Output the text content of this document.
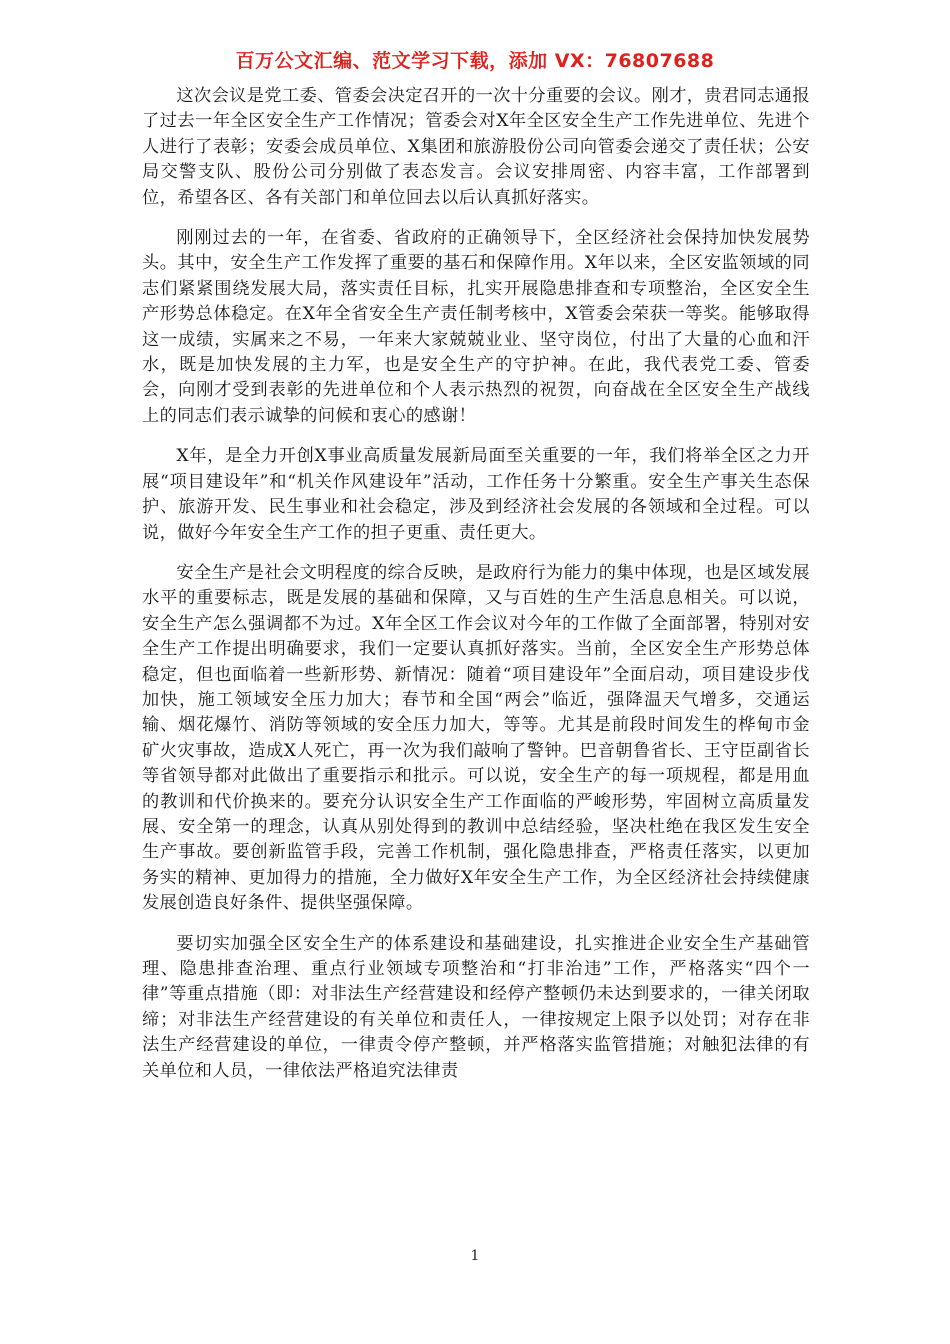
百万公文汇编、范文学习下载，添加 VX：76807688

这次会议是党工委、管委会决定召开的一次十分重要的会议。刚才，贵君同志通报了过去一年全区安全生产工作情况；管委会对X年全区安全生产工作先进单位、先进个人进行了表彰；安委会成员单位、X集团和旅游股份公司向管委会递交了责任状；公安局交警支队、股份公司分别做了表态发言。会议安排周密、内容丰富，工作部署到位，希望各区、各有关部门和单位回去以后认真抓好落实。

刚刚过去的一年，在省委、省政府的正确领导下，全区经济社会保持加快发展势头。其中，安全生产工作发挥了重要的基石和保障作用。X年以来，全区安监领域的同志们紧紧围绕发展大局，落实责任目标，扎实开展隐患排查和专项整治，全区安全生产形势总体稳定。在X年全省安全生产责任制考核中，X管委会荣获一等奖。能够取得这一成绩，实属来之不易，一年来大家兢兢业业、坚守岗位，付出了大量的心血和汗水，既是加快发展的主力军，也是安全生产的守护神。在此，我代表党工委、管委会，向刚才受到表彰的先进单位和个人表示热烈的祝贺，向奋战在全区安全生产战线上的同志们表示诚挚的问候和衷心的感谢！

X年，是全力开创X事业高质量发展新局面至关重要的一年，我们将举全区之力开展“项目建设年”和“机关作风建设年”活动，工作任务十分繁重。安全生产事关生态保护、旅游开发、民生事业和社会稳定，涉及到经济社会发展的各领域和全过程。可以说，做好今年安全生产工作的担子更重、责任更大。

安全生产是社会文明程度的综合反映，是政府行为能力的集中体现，也是区域发展水平的重要标志，既是发展的基础和保障，又与百姓的生产生活息息相关。可以说，安全生产怎么强调都不为过。X年全区工作会议对今年的工作做了全面部署，特别对安全生产工作提出明确要求，我们一定要认真抓好落实。当前，全区安全生产形势总体稳定，但也面临着一些新形势、新情况：随着“项目建设年”全面启动，项目建设步伐加快，施工领域安全压力加大；春节和全国“两会”临近，强降温天气增多，交通运输、烟花爆竹、消防等领域的安全压力加大，等等。尤其是前段时间发生的桦甸市金矿火灾事故，造成X人死亡，再一次为我们敲响了警钟。巴音朝鲁省长、王守臣副省长等省领导都对此做出了重要指示和批示。可以说，安全生产的每一项规程，都是用血的教训和代价换来的。要充分认识安全生产工作面临的严峻形势，牢固树立高质量发展、安全第一的理念，认真从别处得到的教训中总结经验，坚决杜绝在我区发生安全生产事故。要创新监管手段，完善工作机制，强化隐患排查，严格责任落实，以更加务实的精神、更加得力的措施，全力做好X年安全生产工作，为全区经济社会持续健康发展创造良好条件、提供坚强保障。

要切实加强全区安全生产的体系建设和基础建设，扎实推进企业安全生产基础管理、隐患排查治理、重点行业领域专项整治和“打非治违”工作，严格落实“四个一律”等重点措施（即：对非法生产经营建设和经停产整顿仍未达到要求的，一律关闭取缔；对非法生产经营建设的有关单位和责任人，一律按规定上限予以处罚；对存在非法生产经营建设的单位，一律责令停产整顿，并严格落实监管措施；对触犯法律的有关单位和人员，一律依法严格追究法律责

1
